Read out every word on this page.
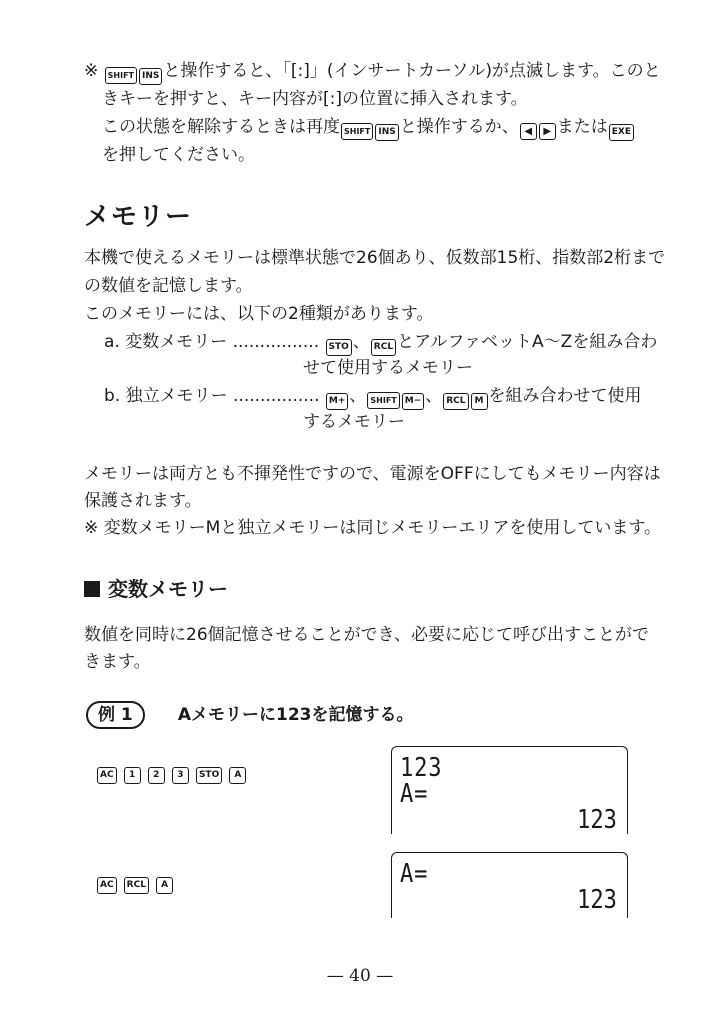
※ SHIFT INS と操作すると、「[:]」(インサートカーソル)が点滅します。このと
きキーを押すと、キー内容が[:]の位置に挿入されます。
この状態を解除するときは再度 SHIFT INS と操作するか、 ◀ ▶ または EXE
を押してください。
メモリー
本機で使えるメモリーは標準状態で26個あり、仮数部15桁、指数部2桁まで
の数値を記憶します。
このメモリーには、以下の2種類があります。
a. 変数メモリー ................ STO 、 RCL とアルファベットA～Zを組み合わ
せて使用するメモリー
b. 独立メモリー ................ M+ 、 SHIFT M− 、 RCL M を組み合わせて使用
するメモリー
メモリーは両方とも不揮発性ですので、電源をOFFにしてもメモリー内容は
保護されます。
※ 変数メモリーMと独立メモリーは同じメモリーエリアを使用しています。
変数メモリー
数値を同時に26個記憶させることができ、必要に応じて呼び出すことがで
きます。
例 1	Aメモリーに123を記憶する。
AC 1 2 3 STO A	123
A=
123
AC RCL A	A=
123
— 40 —
